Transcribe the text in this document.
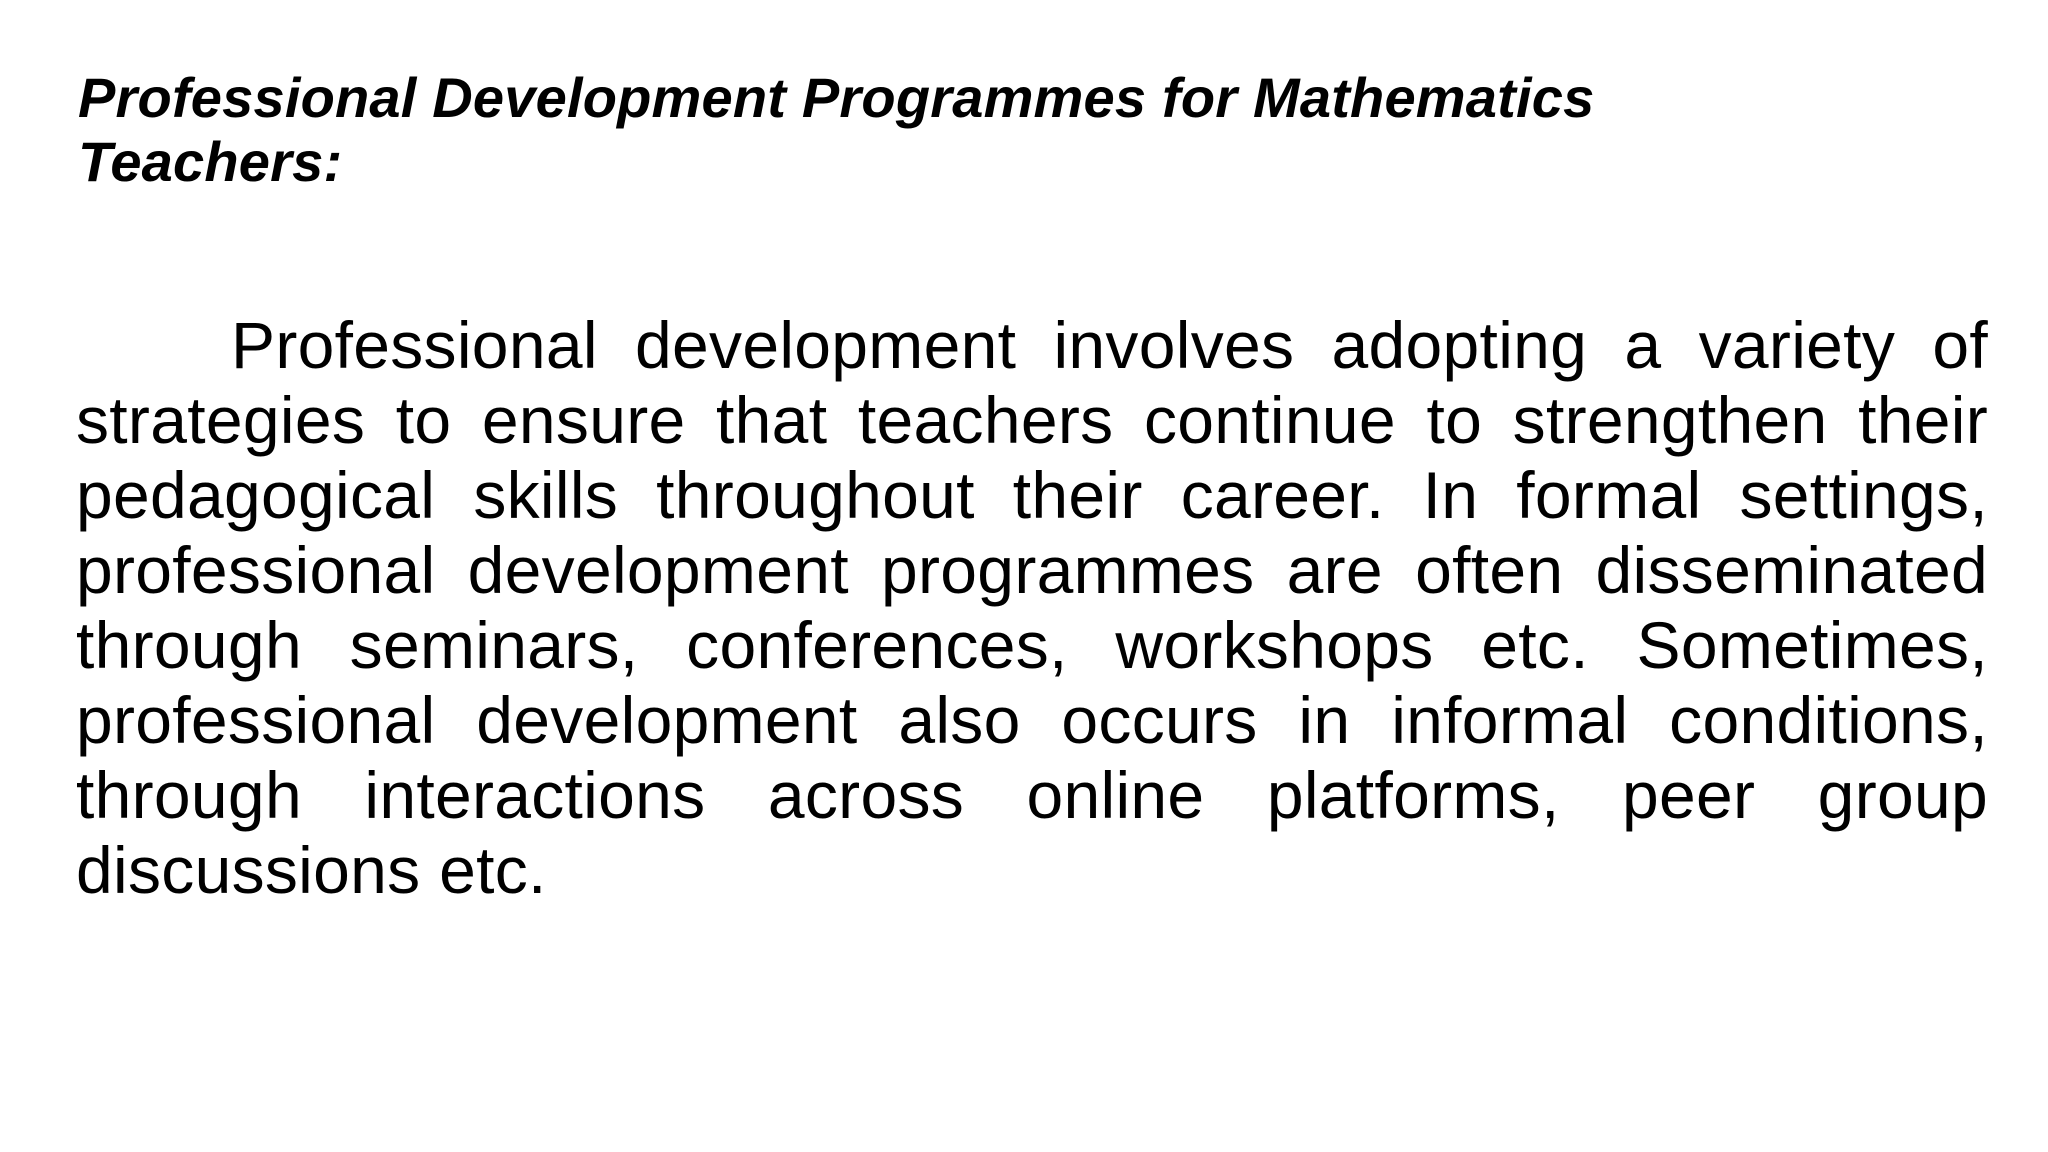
Professional Development Programmes for Mathematics Teachers:

Professional development involves adopting a variety of strategies to ensure that teachers continue to strengthen their pedagogical skills throughout their career. In formal settings, professional development programmes are often disseminated through seminars, conferences, workshops etc. Sometimes, professional development also occurs in informal conditions, through interactions across online platforms, peer group discussions etc.
